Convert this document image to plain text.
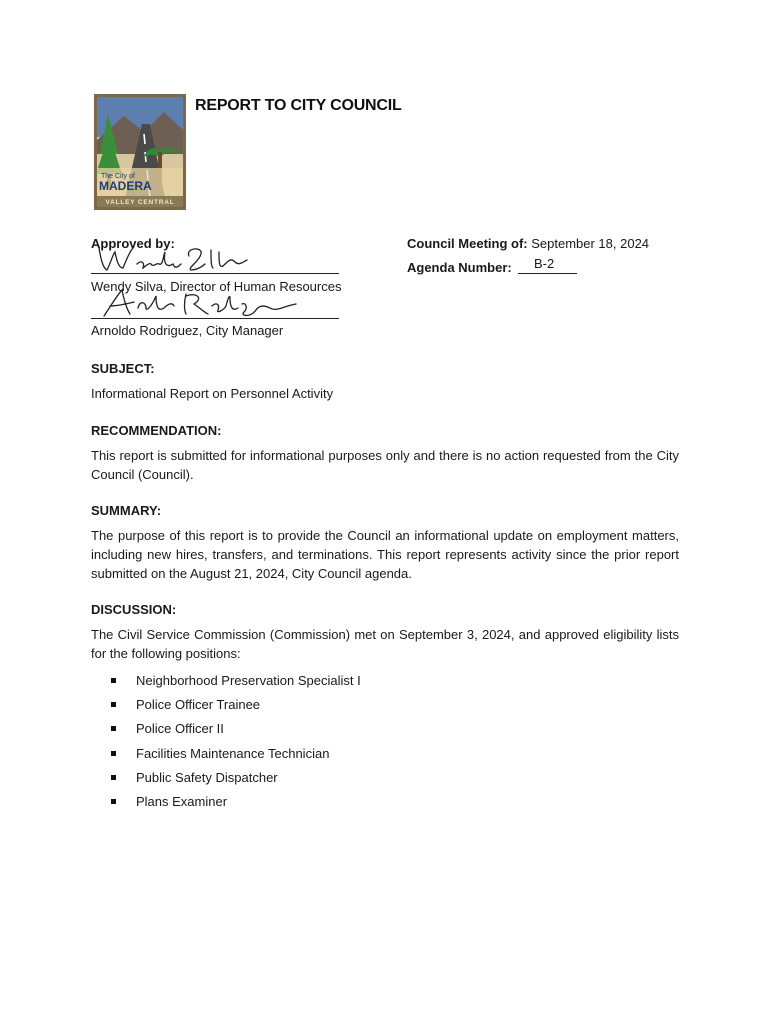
The City of
MADERA
VALLEY CENTRAL
REPORT TO CITY COUNCIL
Approved by:
Wendy Silva, Director of Human Resources
Arnoldo Rodriguez, City Manager
Council Meeting of: September 18, 2024
Agenda Number: B-2
SUBJECT:
Informational Report on Personnel Activity
RECOMMENDATION:
This report is submitted for informational purposes only and there is no action requested from the City Council (Council).
SUMMARY:
The purpose of this report is to provide the Council an informational update on employment matters, including new hires, transfers, and terminations. This report represents activity since the prior report submitted on the August 21, 2024, City Council agenda.
DISCUSSION:
The Civil Service Commission (Commission) met on September 3, 2024, and approved eligibility lists for the following positions:
Neighborhood Preservation Specialist I
Police Officer Trainee
Police Officer II
Facilities Maintenance Technician
Public Safety Dispatcher
Plans Examiner
